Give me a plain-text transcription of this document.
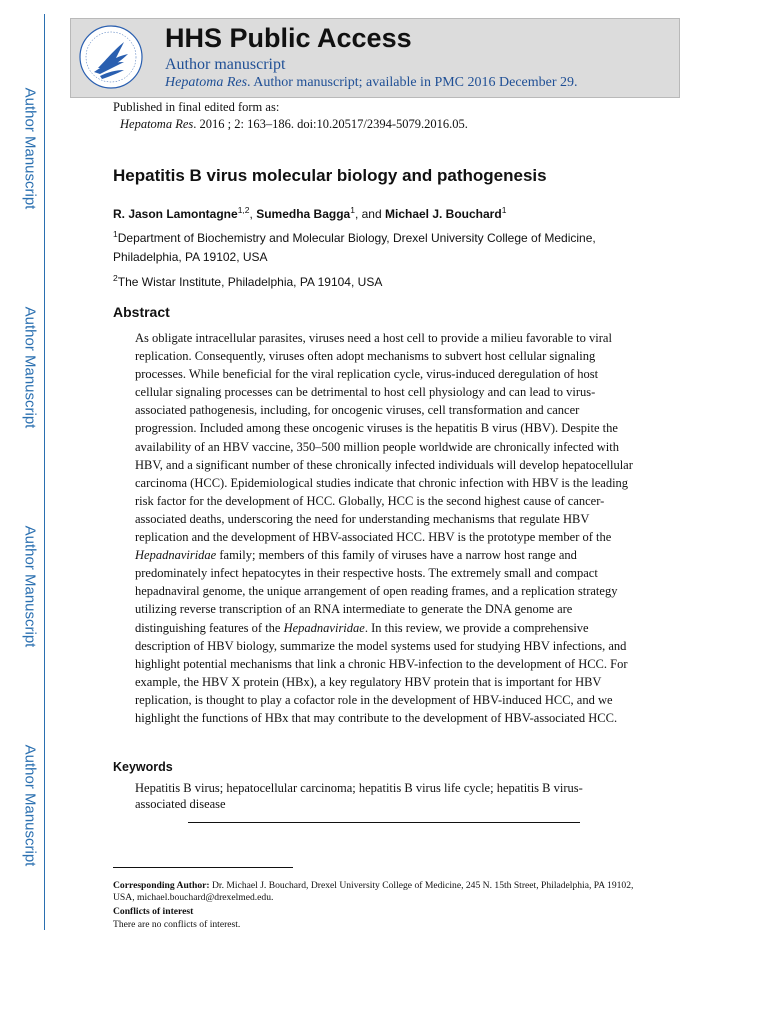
Author Manuscript
Author Manuscript
Author Manuscript
Author Manuscript
HHS Public Access
Author manuscript
Hepatoma Res. Author manuscript; available in PMC 2016 December 29.
Published in final edited form as:
Hepatoma Res. 2016 ; 2: 163–186. doi:10.20517/2394-5079.2016.05.
Hepatitis B virus molecular biology and pathogenesis
R. Jason Lamontagne$^{1,2}$, Sumedha Bagga$^1$, and Michael J. Bouchard$^1$
$^1$Department of Biochemistry and Molecular Biology, Drexel University College of Medicine, Philadelphia, PA 19102, USA
$^2$The Wistar Institute, Philadelphia, PA 19104, USA
Abstract

As obligate intracellular parasites, viruses need a host cell to provide a milieu favorable to viral replication. Consequently, viruses often adopt mechanisms to subvert host cellular signaling processes. While beneficial for the viral replication cycle, virus-induced deregulation of host cellular signaling processes can be detrimental to host cell physiology and can lead to virus-associated pathogenesis, including, for oncogenic viruses, cell transformation and cancer progression. Included among these oncogenic viruses is the hepatitis B virus (HBV). Despite the availability of an HBV vaccine, 350–500 million people worldwide are chronically infected with HBV, and a significant number of these chronically infected individuals will develop hepatocellular carcinoma (HCC). Epidemiological studies indicate that chronic infection with HBV is the leading risk factor for the development of HCC. Globally, HCC is the second highest cause of cancer-associated deaths, underscoring the need for understanding mechanisms that regulate HBV replication and the development of HBV-associated HCC. HBV is the prototype member of the Hepadnaviridae family; members of this family of viruses have a narrow host range and predominately infect hepatocytes in their respective hosts. The extremely small and compact hepadnaviral genome, the unique arrangement of open reading frames, and a replication strategy utilizing reverse transcription of an RNA intermediate to generate the DNA genome are distinguishing features of the Hepadnaviridae. In this review, we provide a comprehensive description of HBV biology, summarize the model systems used for studying HBV infections, and highlight potential mechanisms that link a chronic HBV-infection to the development of HCC. For example, the HBV X protein (HBx), a key regulatory HBV protein that is important for HBV replication, is thought to play a cofactor role in the development of HBV-induced HCC, and we highlight the functions of HBx that may contribute to the development of HBV-associated HCC.

Keywords
Hepatitis B virus; hepatocellular carcinoma; hepatitis B virus life cycle; hepatitis B virus-associated disease
Corresponding Author: Dr. Michael J. Bouchard, Drexel University College of Medicine, 245 N. 15th Street, Philadelphia, PA 19102, USA, michael.bouchard@drexelmed.edu.
Conflicts of interest
There are no conflicts of interest.
